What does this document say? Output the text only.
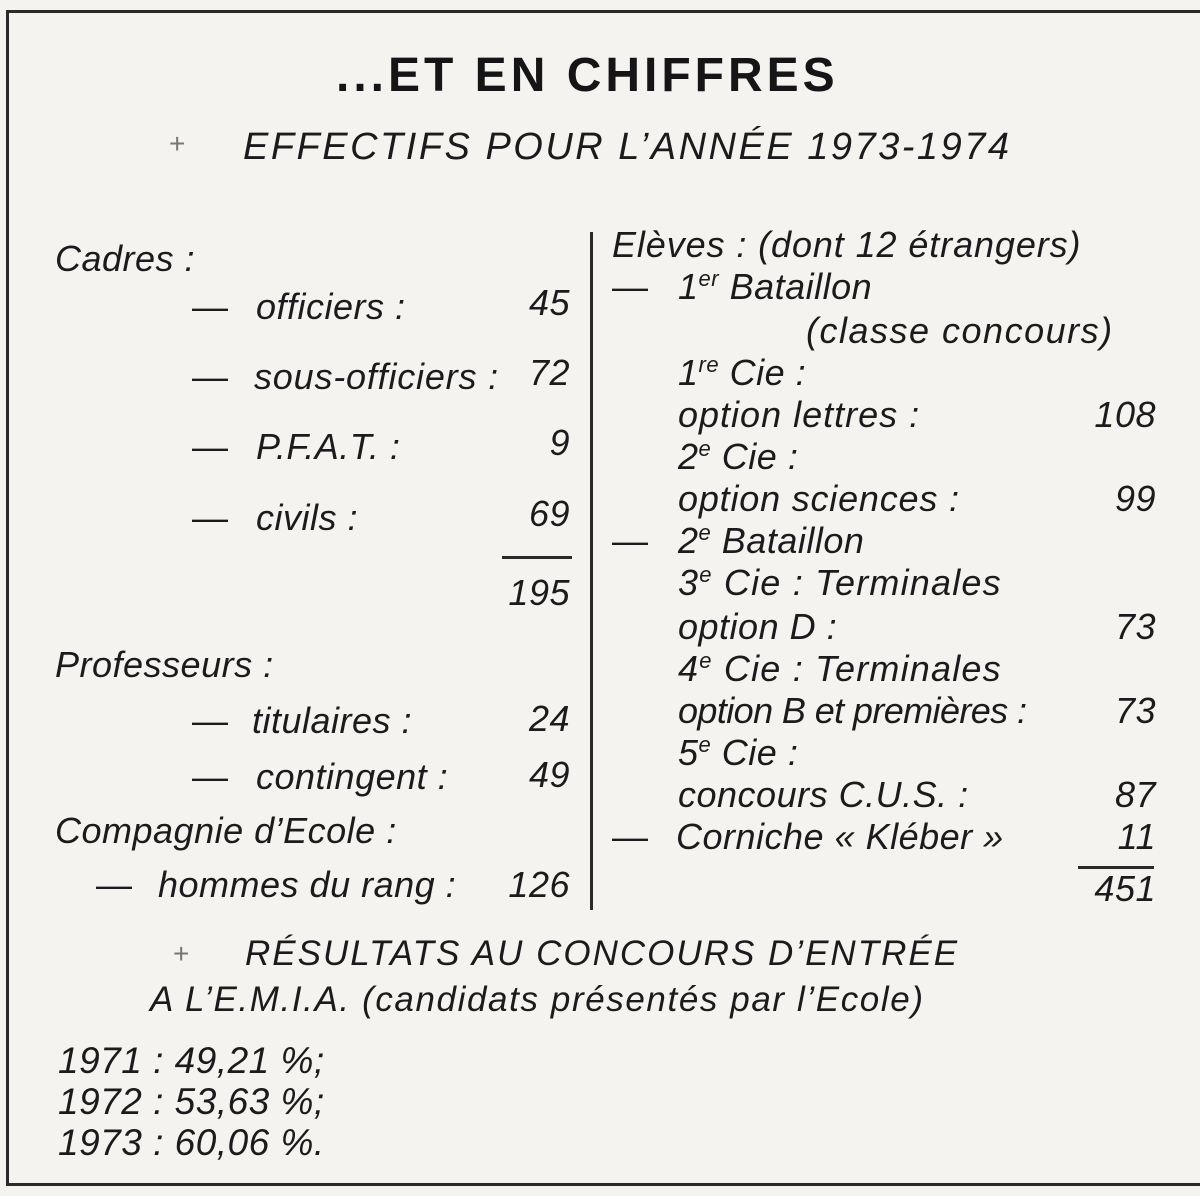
...ET EN CHIFFRES
+ EFFECTIFS POUR L’ANNÉE 1973-1974
Cadres :
— officiers :	45
— sous-officiers : 72
— P.F.A.T. :	9
— civils :	69
195
Professeurs :
— titulaires :	24
— contingent :	49
Compagnie d’Ecole :
— hommes du rang :	126
Elèves : (dont 12 étrangers)
— 1er Bataillon
(classe concours)
1re Cie :
option lettres :	108
2e Cie :
option sciences :	99
— 2e Bataillon
3e Cie : Terminales
option D :	73
4e Cie : Terminales
option B et premières :	73
5e Cie :
concours C.U.S. :	87
— Corniche « Kléber »	11
451
+ RÉSULTATS AU CONCOURS D’ENTRÉE
A L’E.M.I.A. (candidats présentés par l’Ecole)
1971 : 49,21 %;
1972 : 53,63 %;
1973 : 60,06 %.
